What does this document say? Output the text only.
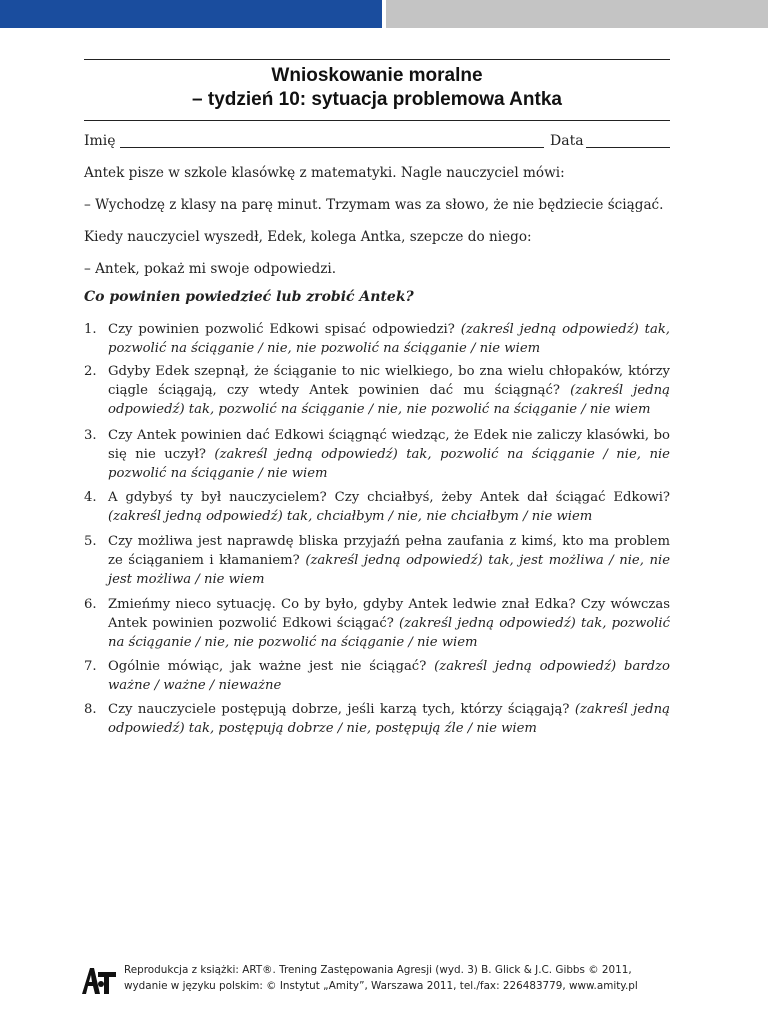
Wnioskowanie moralne
– tydzień 10: sytuacja problemowa Antka
Imię	Data
Antek pisze w szkole klasówkę z matematyki. Nagle nauczyciel mówi:
– Wychodzę z klasy na parę minut. Trzymam was za słowo, że nie będziecie ściągać.
Kiedy nauczyciel wyszedł, Edek, kolega Antka, szepcze do niego:
– Antek, pokaż mi swoje odpowiedzi.
Co powinien powiedzieć lub zrobić Antek?
1. Czy powinien pozwolić Edkowi spisać odpowiedzi? (zakreśl jedną odpowiedź) tak, pozwolić na ściąganie / nie, nie pozwolić na ściąganie / nie wiem
2. Gdyby Edek szepnął, że ściąganie to nic wielkiego, bo zna wielu chłopaków, którzy ciągle ściągają, czy wtedy Antek powinien dać mu ściągnąć? (zakreśl jedną odpowiedź) tak, pozwolić na ściąganie / nie, nie pozwolić na ściąganie / nie wiem
3. Czy Antek powinien dać Edkowi ściągnąć wiedząc, że Edek nie zaliczy klasówki, bo się nie uczył? (zakreśl jedną odpowiedź) tak, pozwolić na ściąganie / nie, nie pozwolić na ściąganie / nie wiem
4. A gdybyś ty był nauczycielem? Czy chciałbyś, żeby Antek dał ściągać Edkowi? (zakreśl jedną odpowiedź) tak, chciałbym / nie, nie chciałbym / nie wiem
5. Czy możliwa jest naprawdę bliska przyjaźń pełna zaufania z kimś, kto ma problem ze ściąganiem i kłamaniem? (zakreśl jedną odpowiedź) tak, jest możliwa / nie, nie jest możliwa / nie wiem
6. Zmieńmy nieco sytuację. Co by było, gdyby Antek ledwie znał Edka? Czy wówczas Antek powinien pozwolić Edkowi ściągać? (zakreśl jedną odpowiedź) tak, pozwolić na ściąganie / nie, nie pozwolić na ściąganie / nie wiem
7. Ogólnie mówiąc, jak ważne jest nie ściągać? (zakreśl jedną odpowiedź) bardzo ważne / ważne / nieważne
8. Czy nauczyciele postępują dobrze, jeśli karzą tych, którzy ściągają? (zakreśl jedną odpowiedź) tak, postępują dobrze / nie, postępują źle / nie wiem
Reprodukcja z książki: ART®. Trening Zastępowania Agresji (wyd. 3) B. Glick & J.C. Gibbs © 2011,
wydanie w języku polskim: © Instytut „Amity”, Warszawa 2011, tel./fax: 226483779, www.amity.pl
